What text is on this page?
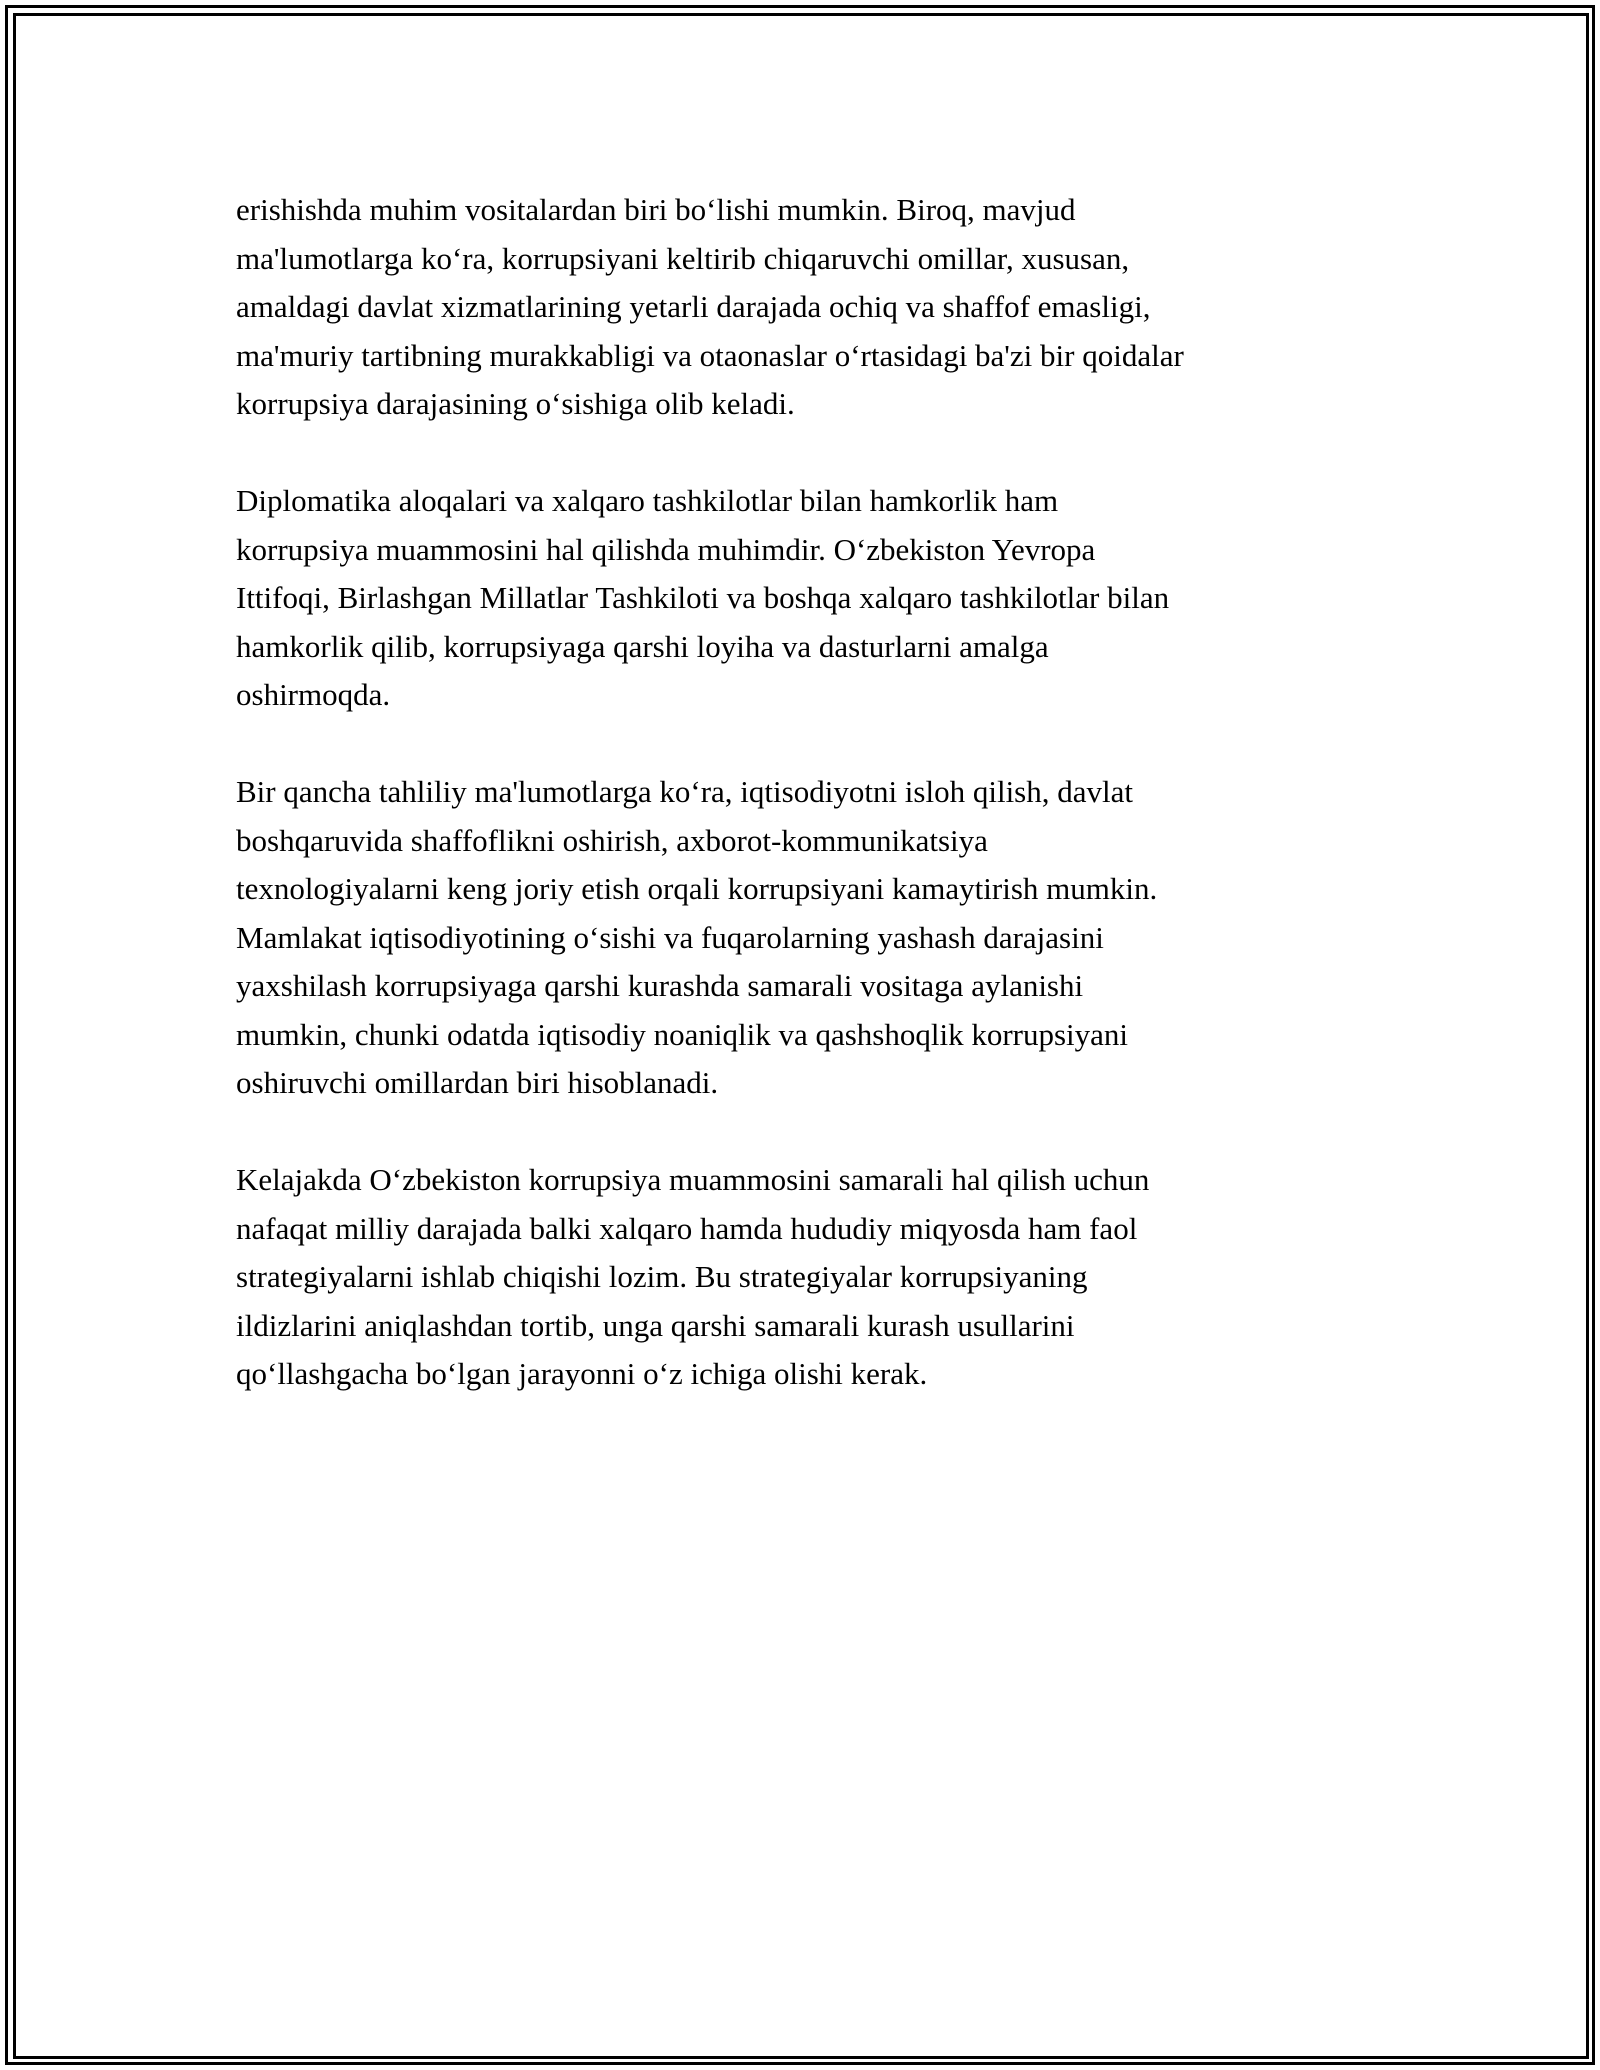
erishishda muhim vositalardan biri bo‘lishi mumkin. Biroq, mavjud
ma'lumotlarga ko‘ra, korrupsiyani keltirib chiqaruvchi omillar, xususan,
amaldagi davlat xizmatlarining yetarli darajada ochiq va shaffof emasligi,
ma'muriy tartibning murakkabligi va otaonaslar o‘rtasidagi ba'zi bir qoidalar
korrupsiya darajasining o‘sishiga olib keladi.

Diplomatika aloqalari va xalqaro tashkilotlar bilan hamkorlik ham
korrupsiya muammosini hal qilishda muhimdir. O‘zbekiston Yevropa
Ittifoqi, Birlashgan Millatlar Tashkiloti va boshqa xalqaro tashkilotlar bilan
hamkorlik qilib, korrupsiyaga qarshi loyiha va dasturlarni amalga
oshirmoqda.

Bir qancha tahliliy ma'lumotlarga ko‘ra, iqtisodiyotni isloh qilish, davlat
boshqaruvida shaffoflikni oshirish, axborot-kommunikatsiya
texnologiyalarni keng joriy etish orqali korrupsiyani kamaytirish mumkin.
Mamlakat iqtisodiyotining o‘sishi va fuqarolarning yashash darajasini
yaxshilash korrupsiyaga qarshi kurashda samarali vositaga aylanishi
mumkin, chunki odatda iqtisodiy noaniqlik va qashshoqlik korrupsiyani
oshiruvchi omillardan biri hisoblanadi.

Kelajakda O‘zbekiston korrupsiya muammosini samarali hal qilish uchun
nafaqat milliy darajada balki xalqaro hamda hududiy miqyosda ham faol
strategiyalarni ishlab chiqishi lozim. Bu strategiyalar korrupsiyaning
ildizlarini aniqlashdan tortib, unga qarshi samarali kurash usullarini
qo‘llashgacha bo‘lgan jarayonni o‘z ichiga olishi kerak.
